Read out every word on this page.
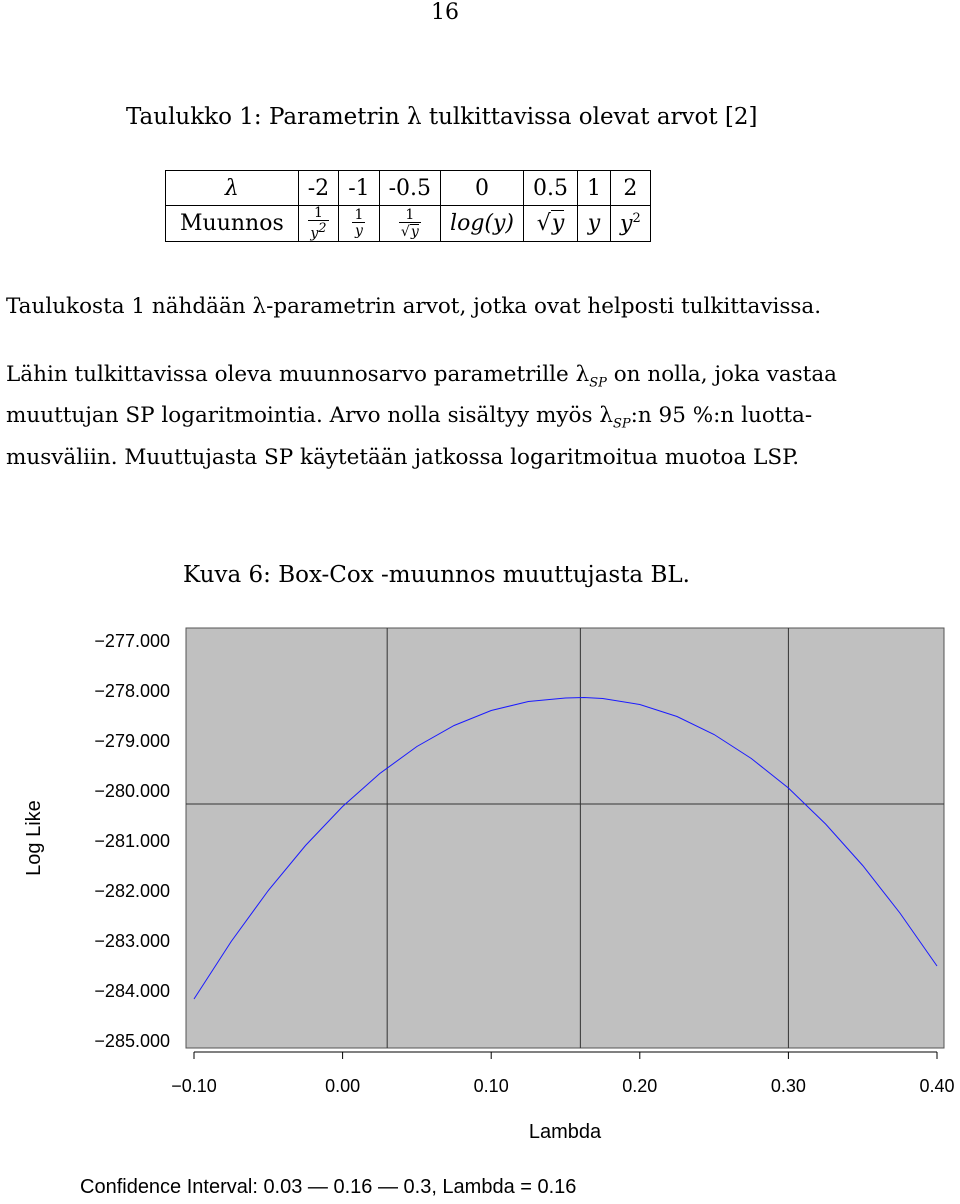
16
Taulukko 1: Parametrin λ tulkittavissa olevat arvot [2]
λ	-2	-1	-0.5	0	0.5	1	2
Muunnos	$\frac{1}{y^2}$	$\frac{1}{y}$	$\frac{1}{√y}$	log(y)	√y	y	$y^2$
Taulukosta 1 nähdään λ-parametrin arvot, jotka ovat helposti tulkittavissa.
Lähin tulkittavissa oleva muunnosarvo parametrille $\lambda_{SP}$ on nolla, joka vastaa
muuttujan SP logaritmointia. Arvo nolla sisältyy myös $\lambda_{SP}:n$ 95 %:n luotta-
musväliin. Muuttujasta SP käytetään jatkossa logaritmoitua muotoa LSP.
Kuva 6: Box-Cox -muunnos muuttujasta BL.
−277.000
−278.000
−279.000
−280.000
−281.000
−282.000
−283.000
−284.000
−285.000
−0.10	0.00	0.10	0.20	0.30	0.40
Log Like
Lambda
Confidence Interval: 0.03 — 0.16 — 0.3, Lambda = 0.16
